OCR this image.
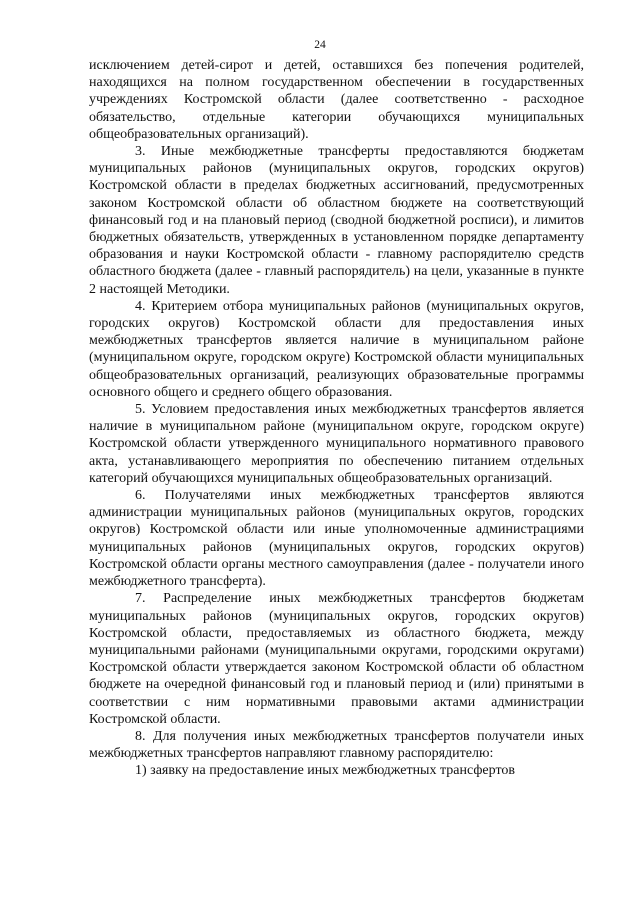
24

исключением детей-сирот и детей, оставшихся без попечения родителей, находящихся на полном государственном обеспечении в государственных учреждениях Костромской области (далее соответственно - расходное обязательство, отдельные категории обучающихся муниципальных общеобразовательных организаций).

3. Иные межбюджетные трансферты предоставляются бюджетам муниципальных районов (муниципальных округов, городских округов) Костромской области в пределах бюджетных ассигнований, предусмотренных законом Костромской области об областном бюджете на соответствующий финансовый год и на плановый период (сводной бюджетной росписи), и лимитов бюджетных обязательств, утвержденных в установленном порядке департаменту образования и науки Костромской области - главному распорядителю средств областного бюджета (далее - главный распорядитель) на цели, указанные в пункте 2 настоящей Методики.

4. Критерием отбора муниципальных районов (муниципальных округов, городских округов) Костромской области для предоставления иных межбюджетных трансфертов является наличие в муниципальном районе (муниципальном округе, городском округе) Костромской области муниципальных общеобразовательных организаций, реализующих образовательные программы основного общего и среднего общего образования.

5. Условием предоставления иных межбюджетных трансфертов является наличие в муниципальном районе (муниципальном округе, городском округе) Костромской области утвержденного муниципального нормативного правового акта, устанавливающего мероприятия по обеспечению питанием отдельных категорий обучающихся муниципальных общеобразовательных организаций.

6. Получателями иных межбюджетных трансфертов являются администрации муниципальных районов (муниципальных округов, городских округов) Костромской области или иные уполномоченные администрациями муниципальных районов (муниципальных округов, городских округов) Костромской области органы местного самоуправления (далее - получатели иного межбюджетного трансферта).

7. Распределение иных межбюджетных трансфертов бюджетам муниципальных районов (муниципальных округов, городских округов) Костромской области, предоставляемых из областного бюджета, между муниципальными районами (муниципальными округами, городскими округами) Костромской области утверждается законом Костромской области об областном бюджете на очередной финансовый год и плановый период и (или) принятыми в соответствии с ним нормативными правовыми актами администрации Костромской области.

8. Для получения иных межбюджетных трансфертов получатели иных межбюджетных трансфертов направляют главному распорядителю:

1) заявку на предоставление иных межбюджетных трансфертов
